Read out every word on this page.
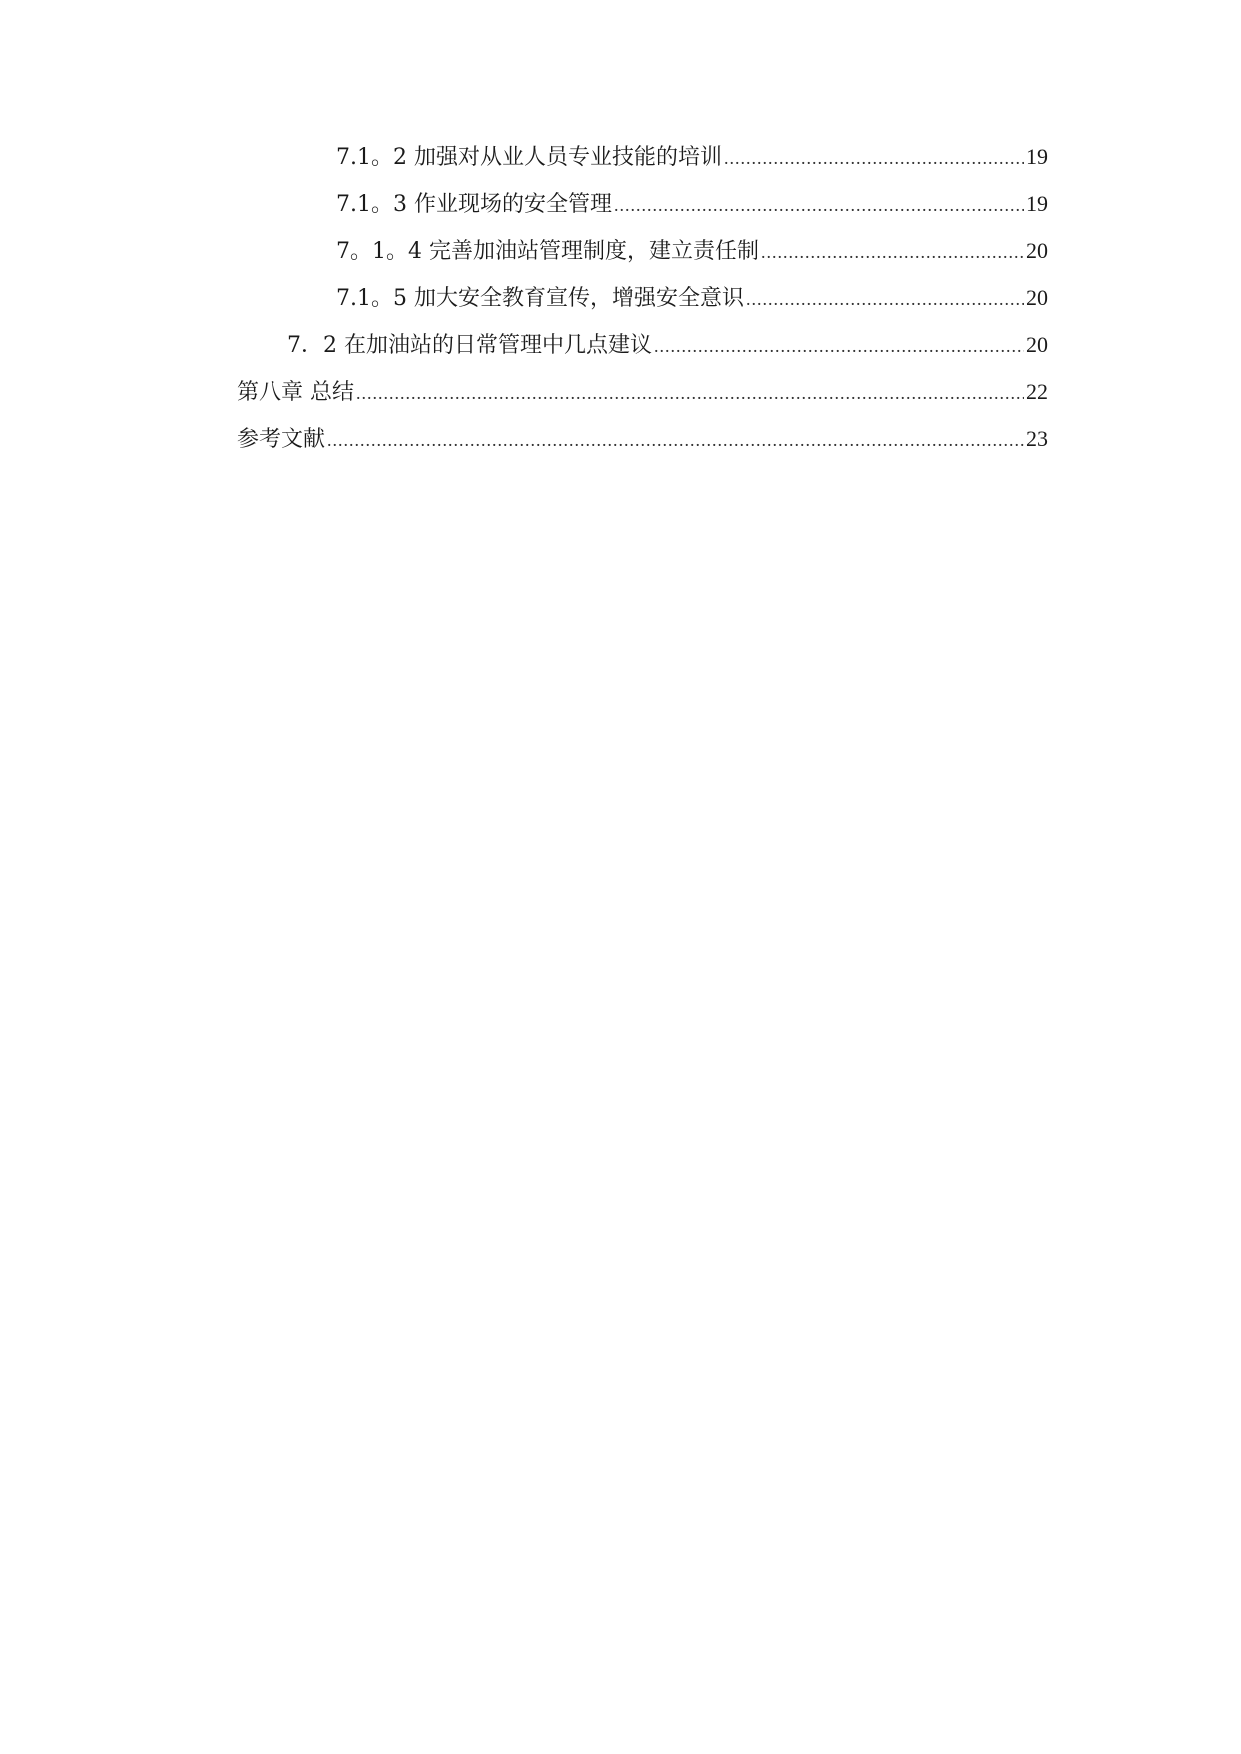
7.1。2 加强对从业人员专业技能的培训 .....	19
7.1。3 作业现场的安全管理 .....	19
7。1。4 完善加油站管理制度，建立责任制 .....	20
7.1。5 加大安全教育宣传，增强安全意识 .....	20
7．2 在加油站的日常管理中几点建议 .....	20
第八章 总结 .....	22
参考文献 .....	23
